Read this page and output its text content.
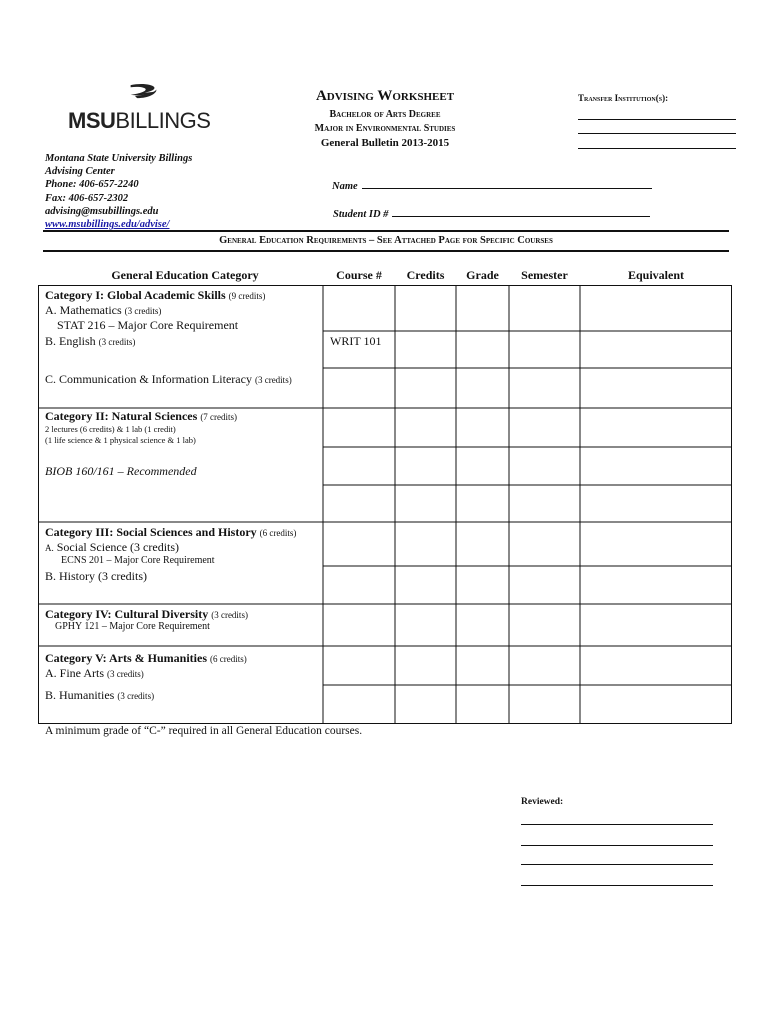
MSUBILLINGS
Advising Worksheet
Bachelor of Arts Degree
Major in Environmental Studies
General Bulletin 2013-2015
Transfer Institution(s):
Montana State University Billings
Advising Center
Phone: 406-657-2240
Fax: 406-657-2302
advising@msubillings.edu
www.msubillings.edu/advise/
Name
Student ID #
General Education Requirements – See Attached Page for Specific Courses
General Education Category	Course #	Credits	Grade	Semester	Equivalent
Category I: Global Academic Skills (9 credits)
A. Mathematics (3 credits)
STAT 216 – Major Core Requirement
B. English (3 credits)	WRIT 101
C. Communication & Information Literacy (3 credits)
Category II: Natural Sciences (7 credits)
2 lectures (6 credits) & 1 lab (1 credit)
(1 life science & 1 physical science & 1 lab)
BIOB 160/161 – Recommended
Category III: Social Sciences and History (6 credits)
A. Social Science (3 credits)
ECNS 201 – Major Core Requirement
B. History (3 credits)
Category IV: Cultural Diversity (3 credits)
GPHY 121 – Major Core Requirement
Category V: Arts & Humanities (6 credits)
A. Fine Arts (3 credits)
B. Humanities (3 credits)
A minimum grade of “C-” required in all General Education courses.
Reviewed:
